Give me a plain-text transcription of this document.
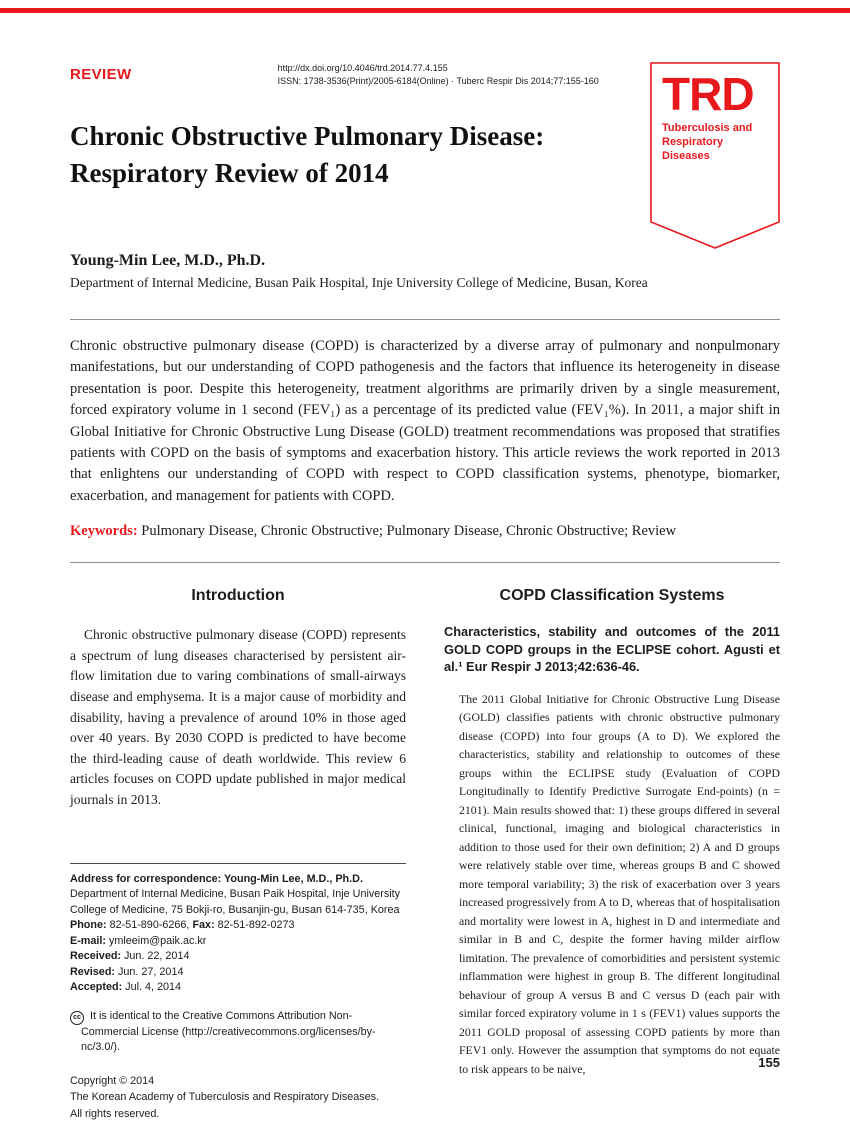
REVIEW	http://dx.doi.org/10.4046/trd.2014.77.4.155
ISSN: 1738-3536(Print)/2005-6184(Online) · Tuberc Respir Dis 2014;77:155-160 TRD
Tuberculosis and
Respiratory Diseases
Chronic Obstructive Pulmonary Disease:
Respiratory Review of 2014
Young-Min Lee, M.D., Ph.D.
Department of Internal Medicine, Busan Paik Hospital, Inje University College of Medicine, Busan, Korea

Chronic obstructive pulmonary disease (COPD) is characterized by a diverse array of pulmonary and nonpulmonary manifestations, but our understanding of COPD pathogenesis and the factors that influence its heterogeneity in disease presentation is poor. Despite this heterogeneity, treatment algorithms are primarily driven by a single measurement, forced expiratory volume in 1 second (FEV₁) as a percentage of its predicted value (FEV₁%). In 2011, a major shift in Global Initiative for Chronic Obstructive Lung Disease (GOLD) treatment recommendations was proposed that stratifies patients with COPD on the basis of symptoms and exacerbation history. This article reviews the work reported in 2013 that enlightens our understanding of COPD with respect to COPD classification systems, phenotype, biomarker, exacerbation, and management for patients with COPD.

Keywords: Pulmonary Disease, Chronic Obstructive; Pulmonary Disease, Chronic Obstructive; Review

Introduction

Chronic obstructive pulmonary disease (COPD) represents a spectrum of lung diseases characterised by persistent air-flow limitation due to varing combinations of small-airways disease and emphysema. It is a major cause of morbidity and disability, having a prevalence of around 10% in those aged over 40 years. By 2030 COPD is predicted to have become the third-leading cause of death worldwide. This review 6 articles focuses on COPD update published in major medical journals in 2013.

Address for correspondence: Young-Min Lee, M.D., Ph.D.
Department of Internal Medicine, Busan Paik Hospital, Inje University College of Medicine, 75 Bokji-ro, Busanjin-gu, Busan 614-735, Korea
Phone: 82-51-890-6266, Fax: 82-51-892-0273
E-mail: ymleeim@paik.ac.kr
Received: Jun. 22, 2014
Revised: Jun. 27, 2014
Accepted: Jul. 4, 2014
cc It is identical to the Creative Commons Attribution Non-Commercial License (http://creativecommons.org/licenses/by-nc/3.0/).
Copyright © 2014
The Korean Academy of Tuberculosis and Respiratory Diseases.
All rights reserved.
COPD Classification Systems
Characteristics, stability and outcomes of the 2011 GOLD COPD groups in the ECLIPSE cohort. Agusti et al.¹ Eur Respir J 2013;42:636-46.

The 2011 Global Initiative for Chronic Obstructive Lung Disease (GOLD) classifies patients with chronic obstructive pulmonary disease (COPD) into four groups (A to D). We explored the characteristics, stability and relationship to outcomes of these groups within the ECLIPSE study (Evaluation of COPD Longitudinally to Identify Predictive Surrogate End-points) (n = 2101). Main results showed that: 1) these groups differed in several clinical, functional, imaging and biological characteristics in addition to those used for their own definition; 2) A and D groups were relatively stable over time, whereas groups B and C showed more temporal variability; 3) the risk of exacerbation over 3 years increased progressively from A to D, whereas that of hospitalisation and mortality were lowest in A, highest in D and intermediate and similar in B and C, despite the former having milder airflow limitation. The prevalence of comorbidities and persistent systemic inflammation were highest in group B. The different longitudinal behaviour of group A versus B and C versus D (each pair with similar forced expiratory volume in 1 s (FEV1) values supports the 2011 GOLD proposal of assessing COPD patients by more than FEV1 only. However the assumption that symptoms do not equate to risk appears to be naive,	155
